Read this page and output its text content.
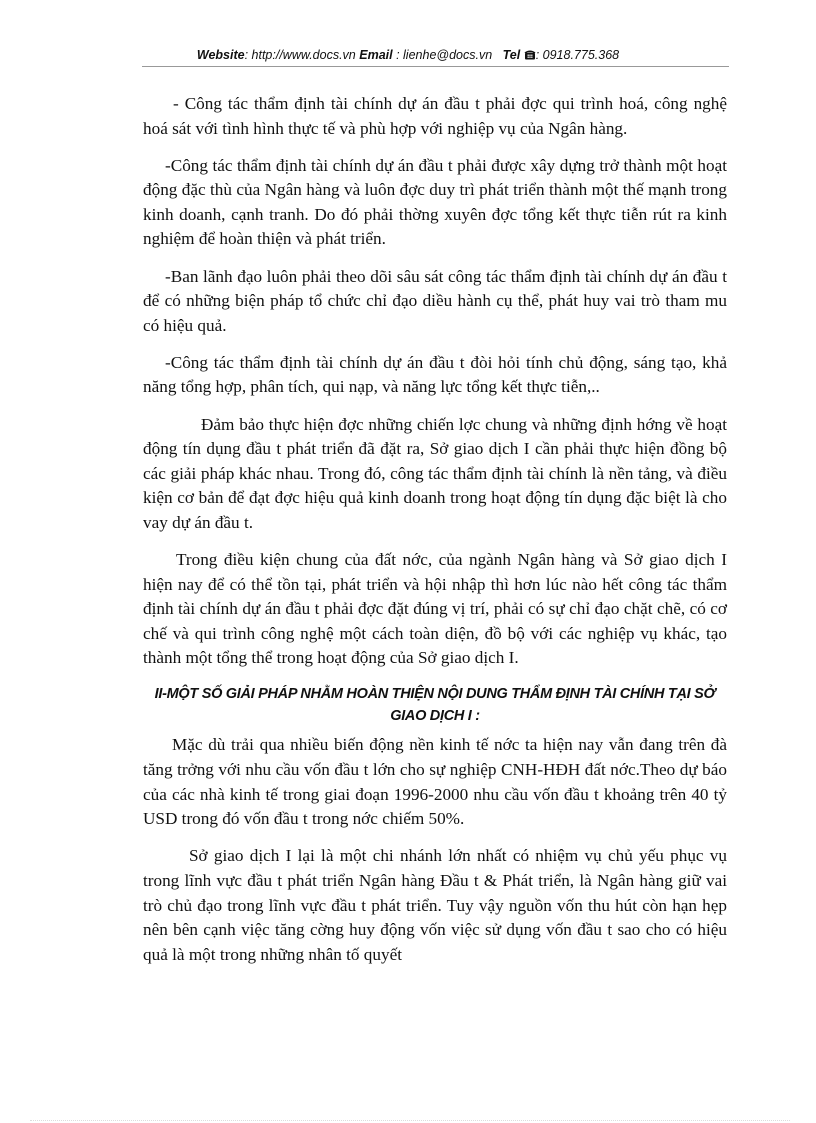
Website: http://www.docs.vn Email : lienhe@docs.vn Tel : 0918.775.368

- Công tác thẩm định tài chính dự án đầu t phải đợc qui trình hoá, công nghệ hoá sát với tình hình thực tế và phù hợp với nghiệp vụ của Ngân hàng.

-Công tác thẩm định tài chính dự án đầu t phải được xây dựng trở thành một hoạt động đặc thù của Ngân hàng và luôn đợc duy trì phát triển thành một thế mạnh trong kinh doanh, cạnh tranh. Do đó phải thờng xuyên đợc tổng kết thực tiễn rút ra kinh nghiệm để hoàn thiện và phát triển.

-Ban lãnh đạo luôn phải theo dõi sâu sát công tác thẩm định tài chính dự án đầu t để có những biện pháp tổ chức chỉ đạo diều hành cụ thể, phát huy vai trò tham mu có hiệu quả.

-Công tác thẩm định tài chính dự án đầu t đòi hỏi tính chủ động, sáng tạo, khả năng tổng hợp, phân tích, qui nạp, và năng lực tổng kết thực tiễn,..

Đảm bảo thực hiện đợc những chiến lợc chung và những định hớng về hoạt động tín dụng đầu t phát triển đã đặt ra, Sở giao dịch I cần phải thực hiện đồng bộ các giải pháp khác nhau. Trong đó, công tác thẩm định tài chính là nền tảng, và điều kiện cơ bản để đạt đợc hiệu quả kinh doanh trong hoạt động tín dụng đặc biệt là cho vay dự án đầu t.

Trong điều kiện chung của đất nớc, của ngành Ngân hàng và Sở giao dịch I hiện nay để có thể tồn tại, phát triển và hội nhập thì hơn lúc nào hết công tác thẩm định tài chính dự án đầu t phải đợc đặt đúng vị trí, phải có sự chỉ đạo chặt chẽ, có cơ chế và qui trình công nghệ một cách toàn diện, đồ bộ với các nghiệp vụ khác, tạo thành một tổng thể trong hoạt động của Sở giao dịch I.

II-MỘT SỐ GIẢI PHÁP NHẰM HOÀN THIỆN NỘI DUNG THẨM ĐỊNH TÀI CHÍNH TẠI SỞ GIAO DỊCH I :

Mặc dù trải qua nhiều biến động nền kinh tế nớc ta hiện nay vẫn đang trên đà tăng trởng với nhu cầu vốn đầu t lớn cho sự nghiệp CNH-HĐH đất nớc.Theo dự báo của các nhà kinh tế trong giai đoạn 1996-2000 nhu cầu vốn đầu t khoảng trên 40 tỷ USD trong đó vốn đầu t trong nớc chiếm 50%.

Sở giao dịch I lại là một chi nhánh lớn nhất có nhiệm vụ chủ yếu phục vụ trong lĩnh vực đầu t phát triển Ngân hàng Đầu t & Phát triển, là Ngân hàng giữ vai trò chủ đạo trong lĩnh vực đầu t phát triển. Tuy vậy nguồn vốn thu hút còn hạn hẹp nên bên cạnh việc tăng cờng huy động vốn việc sử dụng vốn đầu t sao cho có hiệu quả là một trong những nhân tố quyết
